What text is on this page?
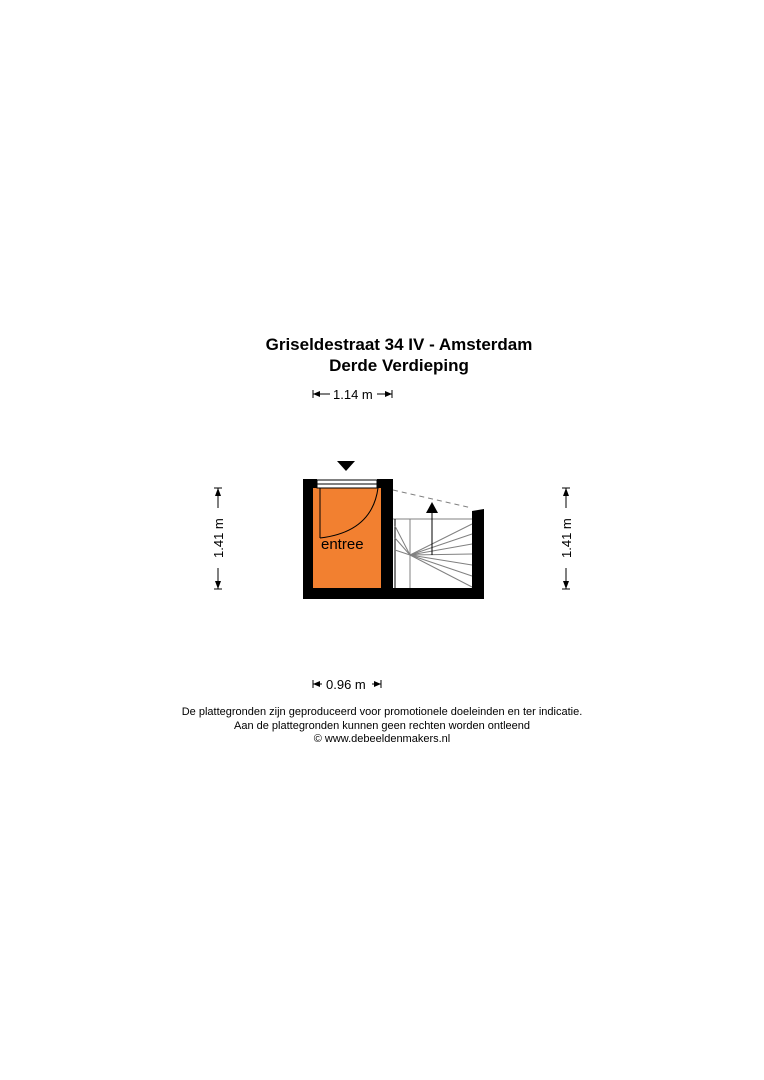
Griseldestraat 34 IV - Amsterdam
Derde Verdieping
1.14 m
entree
1.41 m	1.41 m
0.96 m
De plattegronden zijn geproduceerd voor promotionele doeleinden en ter indicatie.
Aan de plattegronden kunnen geen rechten worden ontleend
© www.debeeldenmakers.nl
